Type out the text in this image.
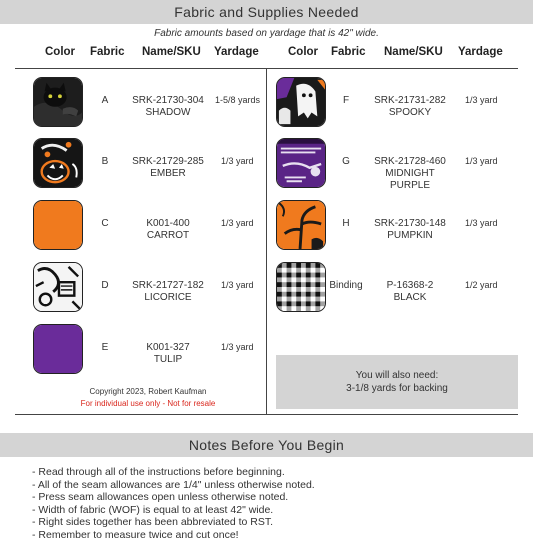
Fabric and Supplies Needed
Fabric amounts based on yardage that is 42" wide.
Color Fabric Name/SKU Yardage	Color Fabric Name/SKU Yardage
A	SRK-21730-304
SHADOW
1-5/8 yards
B	SRK-21729-285
EMBER
1/3 yard
C	K001-400
CARROT
1/3 yard
D	SRK-21727-182
LICORICE
1/3 yard
E	K001-327
TULIP
1/3 yard
F	SRK-21731-282
SPOOKY
1/3 yard
G	SRK-21728-460
MIDNIGHT
PURPLE
1/3 yard
H	SRK-21730-148
PUMPKIN
1/3 yard
Binding	P-16368-2
BLACK
1/2 yard
You will also need:
3-1/8 yards for backing
Copyright 2023, Robert Kaufman
For individual use only - Not for resale
Notes Before You Begin
- Read through all of the instructions before beginning.
- All of the seam allowances are 1/4" unless otherwise noted.
- Press seam allowances open unless otherwise noted.
- Width of fabric (WOF) is equal to at least 42" wide.
- Right sides together has been abbreviated to RST.
- Remember to measure twice and cut once!
